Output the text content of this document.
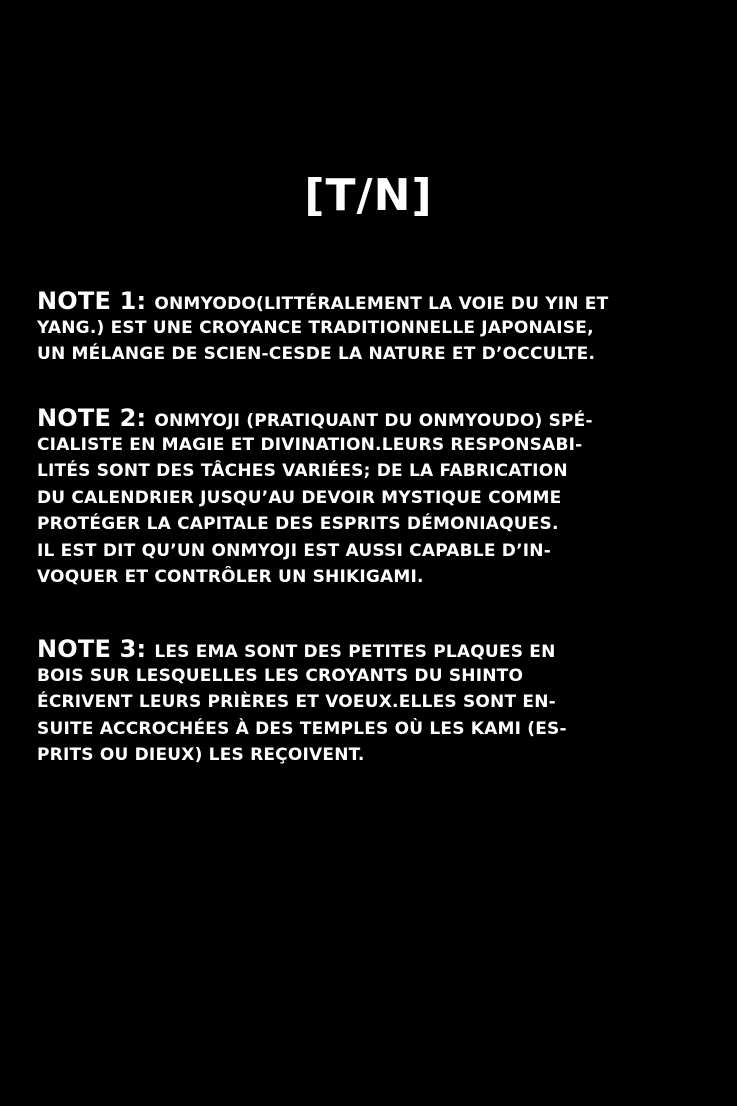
[T/N]
NOTE 1: ONMYODO(LITTÉRALEMENT LA VOIE DU YIN ET
YANG.) EST UNE CROYANCE TRADITIONNELLE JAPONAISE,
UN MÉLANGE DE SCIEN-CESDE LA NATURE ET D’OCCULTE.
NOTE 2: ONMYOJI (PRATIQUANT DU ONMYOUDO) SPÉ-
CIALISTE EN MAGIE ET DIVINATION.LEURS RESPONSABI-
LITÉS SONT DES TÂCHES VARIÉES; DE LA FABRICATION
DU CALENDRIER JUSQU’AU DEVOIR MYSTIQUE COMME
PROTÉGER LA CAPITALE DES ESPRITS DÉMONIAQUES.
IL EST DIT QU’UN ONMYOJI EST AUSSI CAPABLE D’IN-
VOQUER ET CONTRÔLER UN SHIKIGAMI.
NOTE 3: LES EMA SONT DES PETITES PLAQUES EN
BOIS SUR LESQUELLES LES CROYANTS DU SHINTO
ÉCRIVENT LEURS PRIÈRES ET VOEUX.ELLES SONT EN-
SUITE ACCROCHÉES À DES TEMPLES OÙ LES KAMI (ES-
PRITS OU DIEUX) LES REÇOIVENT.
